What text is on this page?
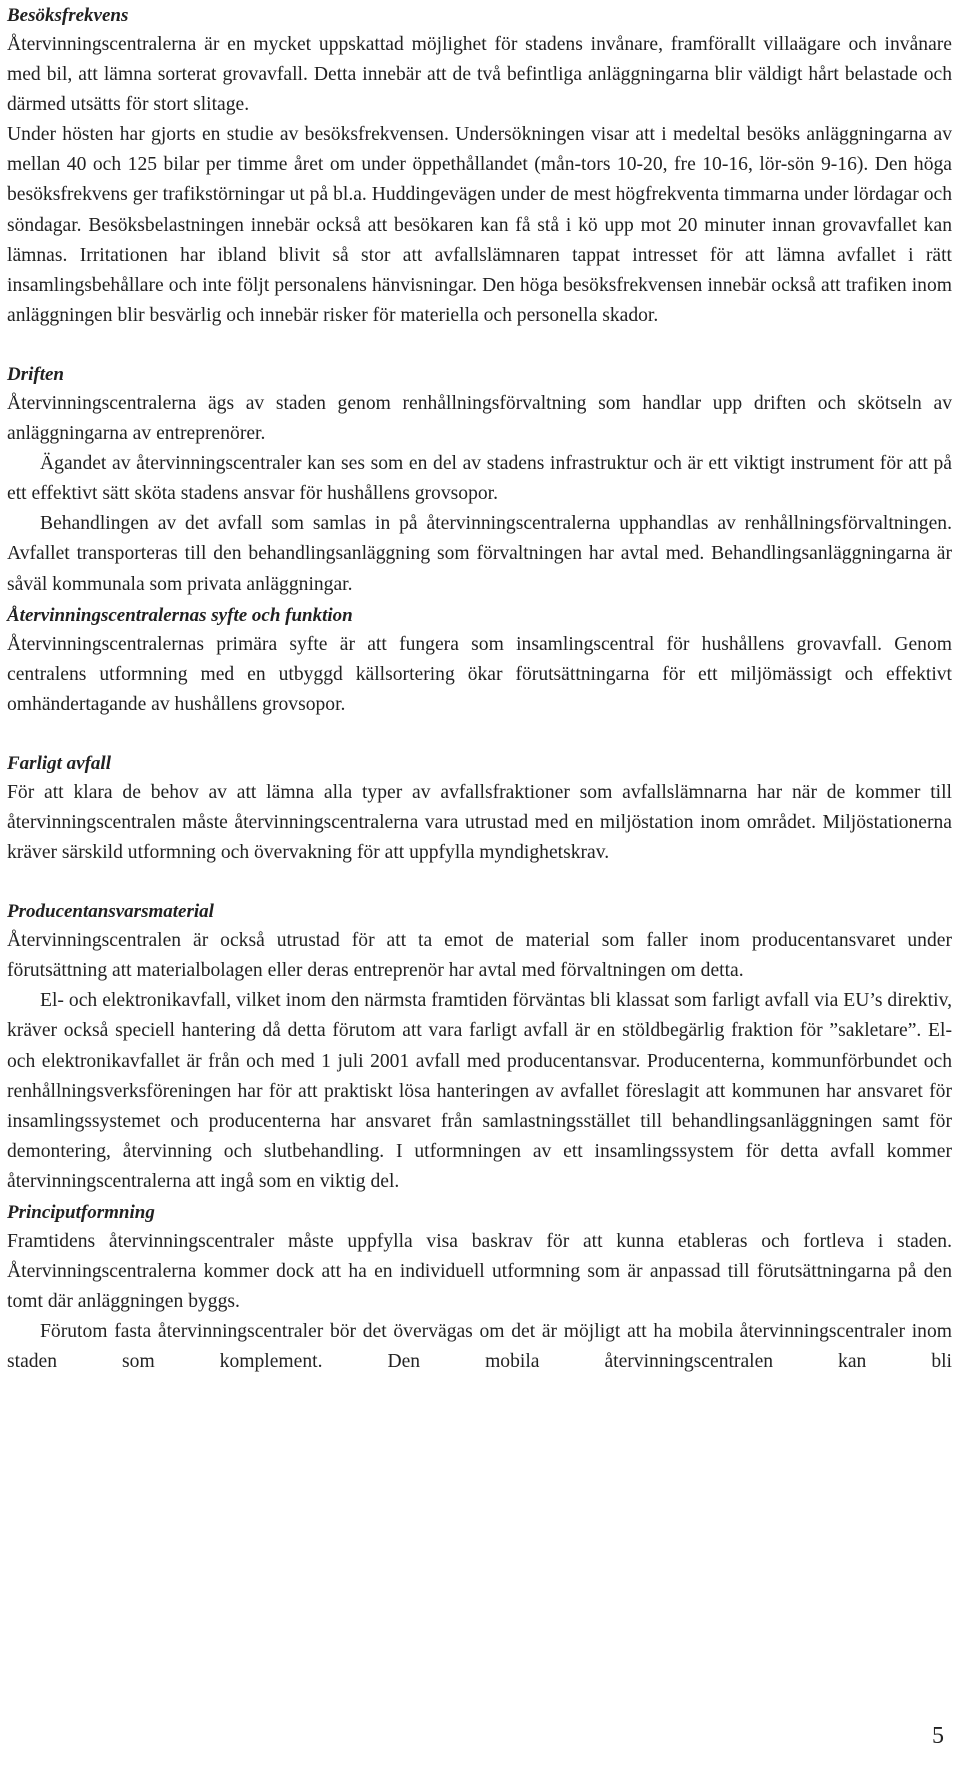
Besöksfrekvens

Återvinningscentralerna är en mycket uppskattad möjlighet för stadens invånare, framförallt villaägare och invånare med bil, att lämna sorterat grovavfall. Detta innebär att de två befintliga anläggningarna blir väldigt hårt belastade och därmed utsätts för stort slitage.

Under hösten har gjorts en studie av besöksfrekvensen. Undersökningen visar att i medeltal besöks anläggningarna av mellan 40 och 125 bilar per timme året om under öppethållandet (mån-tors 10-20, fre 10-16, lör-sön 9-16). Den höga besöksfrekvens ger trafikstörningar ut på bl.a. Huddingevägen under de mest högfrekventa timmarna under lördagar och söndagar. Besöksbelastningen innebär också att besökaren kan få stå i kö upp mot 20 minuter innan grovavfallet kan lämnas. Irritationen har ibland blivit så stor att avfallslämnaren tappat intresset för att lämna avfallet i rätt insamlingsbehållare och inte följt personalens hänvisningar. Den höga besöksfrekvensen innebär också att trafiken inom anläggningen blir besvärlig och innebär risker för materiella och personella skador.

Driften

Återvinningscentralerna ägs av staden genom renhållningsförvaltning som handlar upp driften och skötseln av anläggningarna av entreprenörer.

Ägandet av återvinningscentraler kan ses som en del av stadens infrastruktur och är ett viktigt instrument för att på ett effektivt sätt sköta stadens ansvar för hushållens grovsopor.

Behandlingen av det avfall som samlas in på återvinningscentralerna upphandlas av renhållningsförvaltningen. Avfallet transporteras till den behandlingsanläggning som förvaltningen har avtal med. Behandlingsanläggningarna är såväl kommunala som privata anläggningar.

Återvinningscentralernas syfte och funktion

Återvinningscentralernas primära syfte är att fungera som insamlingscentral för hushållens grovavfall. Genom centralens utformning med en utbyggd källsortering ökar förutsättningarna för ett miljömässigt och effektivt omhändertagande av hushållens grovsopor.

Farligt avfall

För att klara de behov av att lämna alla typer av avfallsfraktioner som avfallslämnarna har när de kommer till återvinningscentralen måste återvinningscentralerna vara utrustad med en miljöstation inom området. Miljöstationerna kräver särskild utformning och övervakning för att uppfylla myndighetskrav.

Producentansvarsmaterial

Återvinningscentralen är också utrustad för att ta emot de material som faller inom producentansvaret under förutsättning att materialbolagen eller deras entreprenör har avtal med förvaltningen om detta.

El- och elektronikavfall, vilket inom den närmsta framtiden förväntas bli klassat som farligt avfall via EU’s direktiv, kräver också speciell hantering då detta förutom att vara farligt avfall är en stöldbegärlig fraktion för ”sakletare”. El- och elektronikavfallet är från och med 1 juli 2001 avfall med producentansvar. Producenterna, kommunförbundet och renhållningsverksföreningen har för att praktiskt lösa hanteringen av avfallet föreslagit att kommunen har ansvaret för insamlingssystemet och producenterna har ansvaret från samlastningsstället till behandlingsanläggningen samt för demontering, återvinning och slutbehandling. I utformningen av ett insamlingssystem för detta avfall kommer återvinningscentralerna att ingå som en viktig del.

Principutformning

Framtidens återvinningscentraler måste uppfylla visa baskrav för att kunna etableras och fortleva i staden. Återvinningscentralerna kommer dock att ha en individuell utformning som är anpassad till förutsättningarna på den tomt där anläggningen byggs.

Förutom fasta återvinningscentraler bör det övervägas om det är möjligt att ha mobila återvinningscentraler inom staden som komplement. Den mobila återvinningscentralen kan bli

5
